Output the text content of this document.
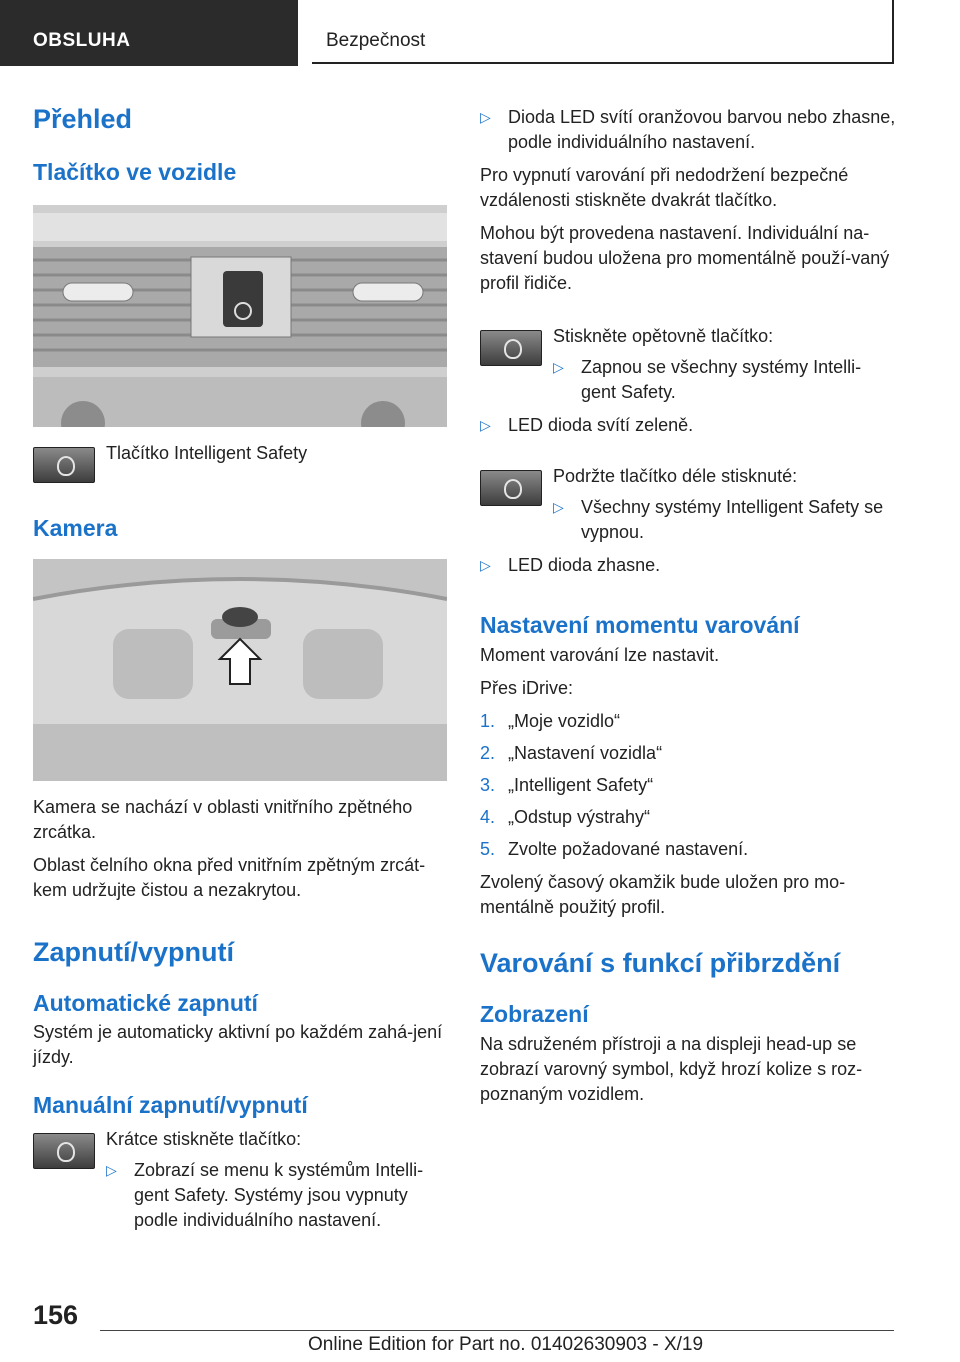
OBSLUHA	Bezpečnost
Přehled
Tlačítko ve vozidle

Tlačítko Intelligent Safety

Kamera

Kamera se nachází v oblasti vnitřního zpětného zrcátka.

Oblast čelního okna před vnitřním zpětným zrcát‐kem udržujte čistou a nezakrytou.

Zapnutí/vypnutí
Automatické zapnutí

Systém je automaticky aktivní po každém zahá‐jení jízdy.

Manuální zapnutí/vypnutí

Krátce stiskněte tlačítko:

▷ Zobrazí se menu k systémům Intelli‐gent Safety. Systémy jsou vypnuty podle individuálního nastavení.

▷ Dioda LED svítí oranžovou barvou nebo zhasne, podle individuálního nastavení.

Pro vypnutí varování při nedodržení bezpečné vzdálenosti stiskněte dvakrát tlačítko.

Mohou být provedena nastavení. Individuální na‐stavení budou uložena pro momentálně použí‐vaný profil řidiče.

Stiskněte opětovně tlačítko:

▷ Zapnou se všechny systémy Intelli‐gent Safety.

▷ LED dioda svítí zeleně.

Podržte tlačítko déle stisknuté:

▷ Všechny systémy Intelligent Safety se vypnou.

▷ LED dioda zhasne.

Nastavení momentu varování

Moment varování lze nastavit.

Přes iDrive:

1. „Moje vozidlo“
2. „Nastavení vozidla“
3. „Intelligent Safety“
4. „Odstup výstrahy“
5. Zvolte požadované nastavení.

Zvolený časový okamžik bude uložen pro mo‐mentálně použitý profil.

Varování s funkcí přibrzdění
Zobrazení

Na sdruženém přístroji a na displeji head-up se zobrazí varovný symbol, když hrozí kolize s roz‐poznaným vozidlem.

156
Online Edition for Part no. 01402630903 - X/19
